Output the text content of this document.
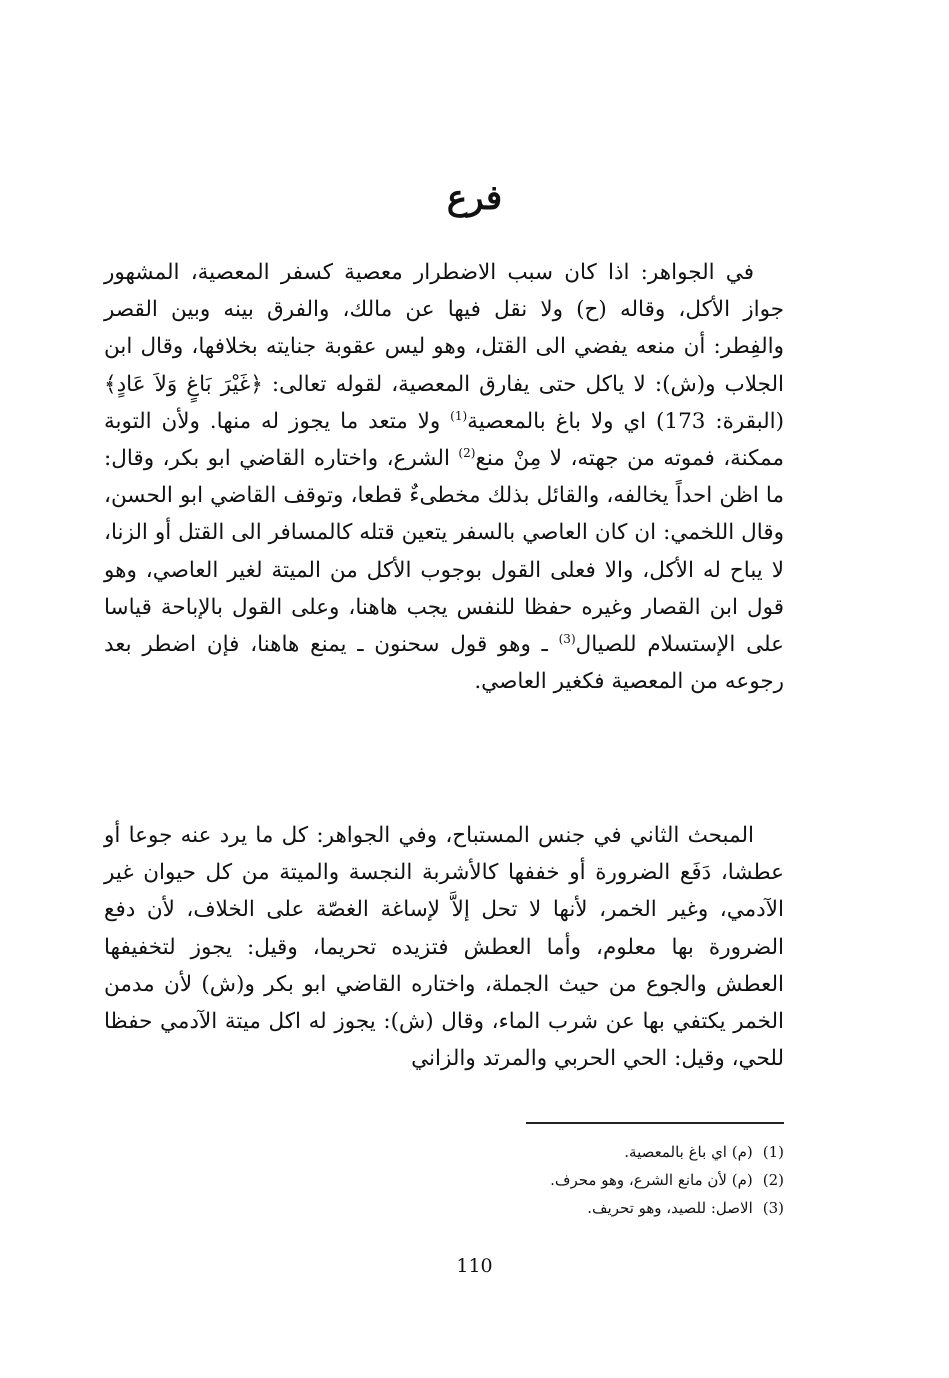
فرع

في الجواهر: اذا كان سبب الاضطرار معصية كسفر المعصية، المشهور جواز الأكل، وقاله (ح) ولا نقل فيها عن مالك، والفرق بينه وبين القصر والفِطر: أن منعه يفضي الى القتل، وهو ليس عقوبة جنايته بخلافها، وقال ابن الجلاب و(ش): لا ياكل حتى يفارق المعصية، لقوله تعالى: ﴿غَيْرَ بَاغٍ وَلاَ عَادٍ﴾ (البقرة: 173) اي ولا باغ بالمعصية$^{(1)}$ ولا متعد ما يجوز له منها. ولأن التوبة ممكنة، فموته من جهته، لا مِنْ منع$^{(2)}$ الشرع، واختاره القاضي ابو بكر، وقال: ما اظن احداً يخالفه، والقائل بذلك مخطىءٌ قطعا، وتوقف القاضي ابو الحسن، وقال اللخمي: ان كان العاصي بالسفر يتعين قتله كالمسافر الى القتل أو الزنا، لا يباح له الأكل، والا فعلى القول بوجوب الأكل من الميتة لغير العاصي، وهو قول ابن القصار وغيره حفظا للنفس يجب هاهنا، وعلى القول بالإباحة قياسا على الإستسلام للصيال$^{(3)}$ ـ وهو قول سحنون ـ يمنع هاهنا، فإن اضطر بعد رجوعه من المعصية فكغير العاصي.

المبحث الثاني في جنس المستباح، وفي الجواهر: كل ما يرد عنه جوعا أو عطشا، دَفَع الضرورة أو خففها كالأشربة النجسة والميتة من كل حيوان غير الآدمي، وغير الخمر، لأنها لا تحل إلاَّ لإساغة الغصّة على الخلاف، لأن دفع الضرورة بها معلوم، وأما العطش فتزيده تحريما، وقيل: يجوز لتخفيفها العطش والجوع من حيث الجملة، واختاره القاضي ابو بكر و(ش) لأن مدمن الخمر يكتفي بها عن شرب الماء، وقال (ش): يجوز له اكل ميتة الآدمي حفظا للحي، وقيل: الحي الحربي والمرتد والزاني

(1)(م) اي باغ بالمعصية.
(2)(م) لأن مانع الشرع، وهو محرف.
(3)الاصل: للصيد، وهو تحريف.
110
